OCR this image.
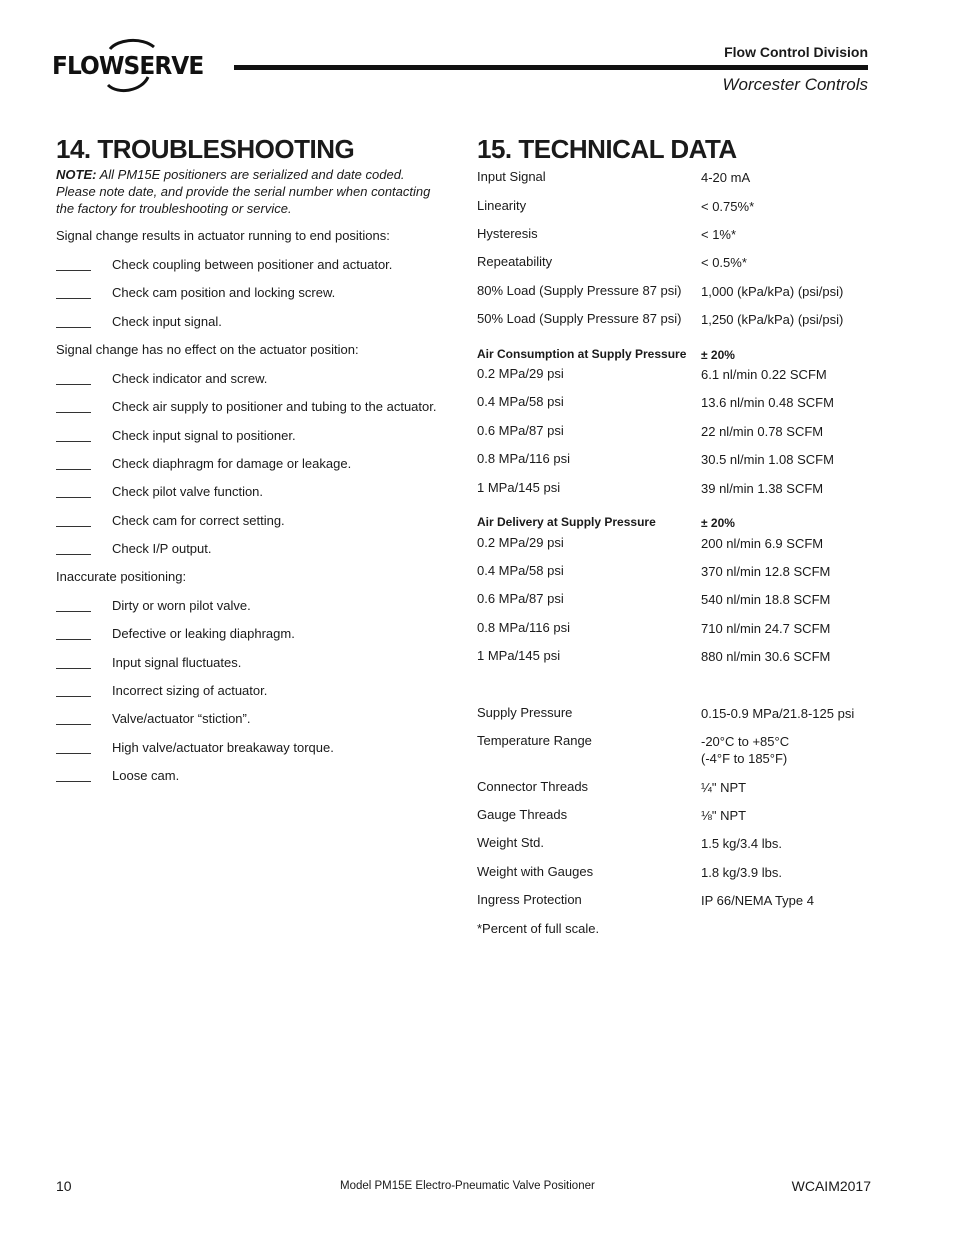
FLOWSERVE	Flow Control Division
Worcester Controls
14. TROUBLESHOOTING	15. TECHNICAL DATA
NOTE: All PM15E positioners are serialized and date coded. Please note date, and provide the serial number when contacting the factory for troubleshooting or service.
Signal change results in actuator running to end positions:
Check coupling between positioner and actuator.
Check cam position and locking screw.
Check input signal.
Signal change has no effect on the actuator position:
Check indicator and screw.
Check air supply to positioner and tubing to the actuator.
Check input signal to positioner.
Check diaphragm for damage or leakage.
Check pilot valve function.
Check cam for correct setting.
Check I/P output.
Inaccurate positioning:
Dirty or worn pilot valve.
Defective or leaking diaphragm.
Input signal fluctuates.
Incorrect sizing of actuator.
Valve/actuator “stiction”.
High valve/actuator breakaway torque.
Loose cam.
Input Signal	4-20 mA
Linearity	< 0.75%*
Hysteresis	< 1%*
Repeatability	< 0.5%*
80% Load (Supply Pressure 87 psi) 1,000 (kPa/kPa) (psi/psi)
50% Load (Supply Pressure 87 psi) 1,250 (kPa/kPa) (psi/psi)
Air Consumption at Supply Pressure ± 20%
0.2 MPa/29 psi	6.1 nl/min 0.22 SCFM
0.4 MPa/58 psi	13.6 nl/min 0.48 SCFM
0.6 MPa/87 psi	22 nl/min 0.78 SCFM
0.8 MPa/116 psi	30.5 nl/min 1.08 SCFM
1 MPa/145 psi	39 nl/min 1.38 SCFM
Air Delivery at Supply Pressure	± 20%
0.2 MPa/29 psi	200 nl/min 6.9 SCFM
0.4 MPa/58 psi	370 nl/min 12.8 SCFM
0.6 MPa/87 psi	540 nl/min 18.8 SCFM
0.8 MPa/116 psi	710 nl/min 24.7 SCFM
1 MPa/145 psi	880 nl/min 30.6 SCFM
Supply Pressure	0.15-0.9 MPa/21.8-125 psi
Temperature Range	-20°C to +85°C
(-4°F to 185°F)
Connector Threads	¼" NPT
Gauge Threads	⅛" NPT
Weight Std.	1.5 kg/3.4 lbs.
Weight with Gauges	1.8 kg/3.9 lbs.
Ingress Protection	IP 66/NEMA Type 4
*Percent of full scale.
10	Model PM15E Electro-Pneumatic Valve Positioner	WCAIM2017
